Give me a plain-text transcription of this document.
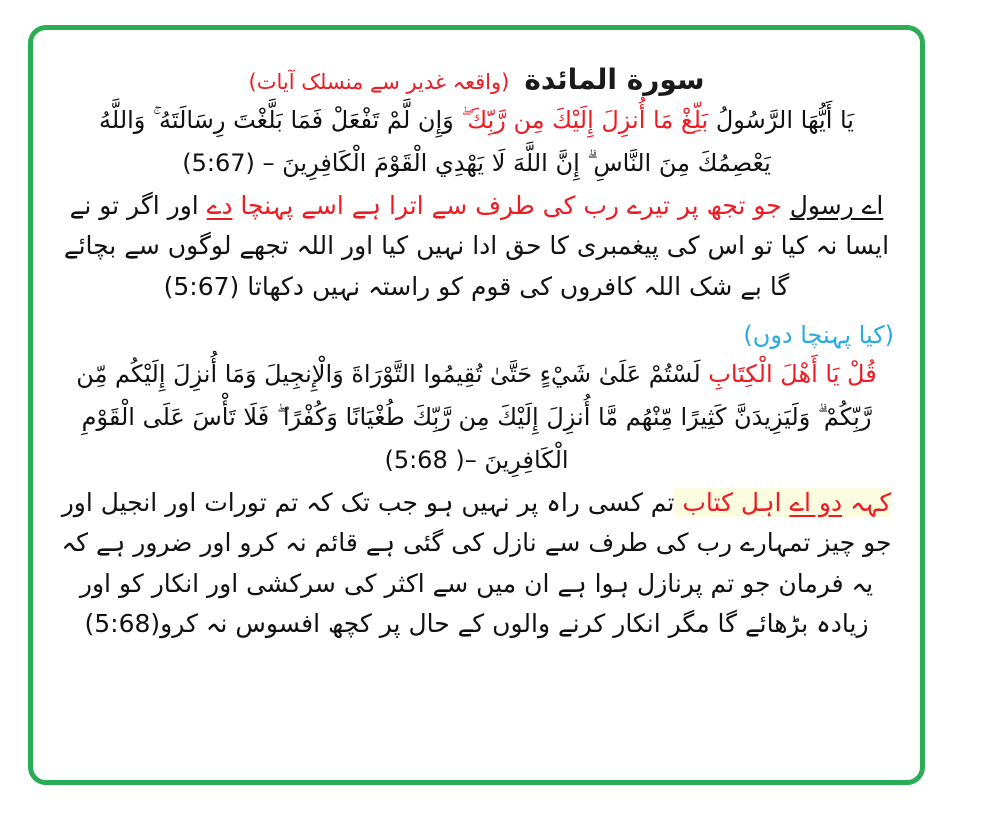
سورة المائدة (واقعہ غدیر سے منسلک آیات)

يَا أَيُّهَا الرَّسُولُ بَلِّغْ مَا أُنزِلَ إِلَيْكَ مِن رَّبِّكَ ۖ وَإِن لَّمْ تَفْعَلْ فَمَا بَلَّغْتَ رِسَالَتَهُ ۚ وَاللَّهُ يَعْصِمُكَ مِنَ النَّاسِ ۗ إِنَّ اللَّهَ لَا يَهْدِي الْقَوْمَ الْكَافِرِينَ – (5:67)

اے رسول جو تجھ پر تیرے رب کی طرف سے اترا ہے اسے پہنچا دے اور اگر تو نے ایسا نہ کیا تو اس کی پیغمبری کا حق ادا نہیں کیا اور اللہ تجھے لوگوں سے بچائے گا بے شک اللہ کافروں کی قوم کو راستہ نہیں دکھاتا (5:67)

(کیا پہنچا دوں)

قُلْ يَا أَهْلَ الْكِتَابِ لَسْتُمْ عَلَىٰ شَيْءٍ حَتَّىٰ تُقِيمُوا التَّوْرَاةَ وَالْإِنجِيلَ وَمَا أُنزِلَ إِلَيْكُم مِّن رَّبِّكُمْ ۗ وَلَيَزِيدَنَّ كَثِيرًا مِّنْهُم مَّا أُنزِلَ إِلَيْكَ مِن رَّبِّكَ طُغْيَانًا وَكُفْرًا ۖ فَلَا تَأْسَ عَلَى الْقَوْمِ الْكَافِرِينَ –( 5:68)

کہہ دو اے اہل کتاب تم کسی راہ پر نہیں ہو جب تک کہ تم تورات اور انجیل اور جو چیز تمہارے رب کی طرف سے نازل کی گئی ہے قائم نہ کرو اور ضرور ہے کہ یہ فرمان جو تم پرنازل ہوا ہے ان میں سے اکثر کی سرکشی اور انکار کو اور زیادہ بڑھائے گا مگر انکار کرنے والوں کے حال پر کچھ افسوس نہ کرو(5:68)
